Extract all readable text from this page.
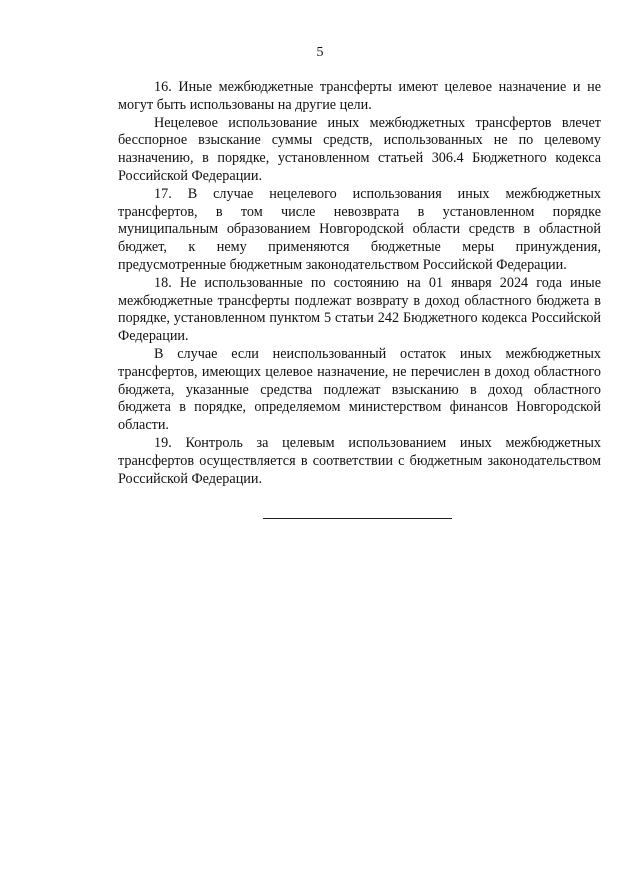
5

16. Иные межбюджетные трансферты имеют целевое назначение и не могут быть использованы на другие цели.

Нецелевое использование иных межбюджетных трансфертов влечет бесспорное взыскание суммы средств, использованных не по целевому назначению, в порядке, установленном статьей 306.4 Бюджетного кодекса Российской Федерации.

17. В случае нецелевого использования иных межбюджетных трансфертов, в том числе невозврата в установленном порядке муниципальным образованием Новгородской области средств в областной бюджет, к нему применяются бюджетные меры принуждения, предусмотренные бюджетным законодательством Российской Федерации.

18. Не использованные по состоянию на 01 января 2024 года иные межбюджетные трансферты подлежат возврату в доход областного бюджета в порядке, установленном пунктом 5 статьи 242 Бюджетного кодекса Российской Федерации.

В случае если неиспользованный остаток иных межбюджетных трансфертов, имеющих целевое назначение, не перечислен в доход областного бюджета, указанные средства подлежат взысканию в доход областного бюджета в порядке, определяемом министерством финансов Новгородской области.

19. Контроль за целевым использованием иных межбюджетных трансфертов осуществляется в соответствии с бюджетным законодательством Российской Федерации.
